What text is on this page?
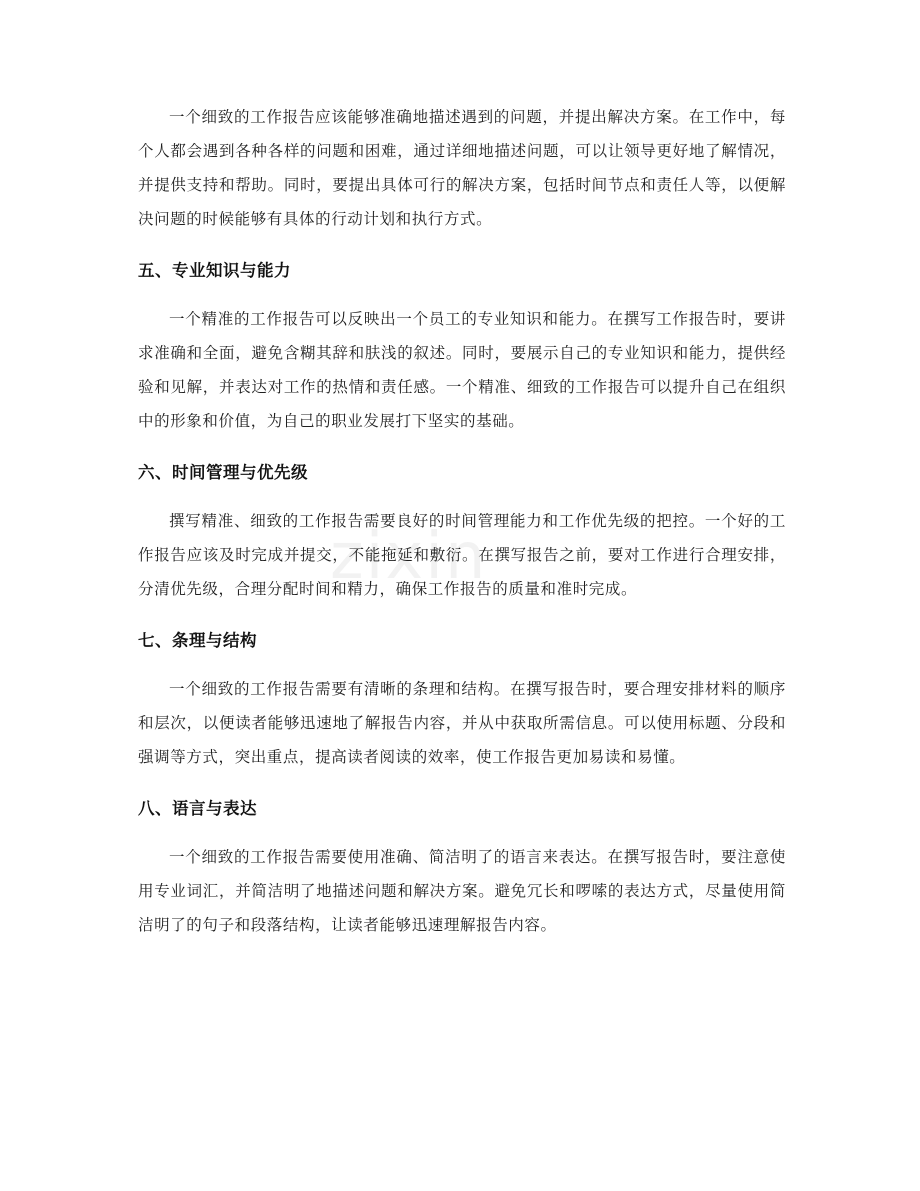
zixin

一个细致的工作报告应该能够准确地描述遇到的问题，并提出解决方案。在工作中，每个人都会遇到各种各样的问题和困难，通过详细地描述问题，可以让领导更好地了解情况，并提供支持和帮助。同时，要提出具体可行的解决方案，包括时间节点和责任人等，以便解决问题的时候能够有具体的行动计划和执行方式。

五、专业知识与能力

一个精准的工作报告可以反映出一个员工的专业知识和能力。在撰写工作报告时，要讲求准确和全面，避免含糊其辞和肤浅的叙述。同时，要展示自己的专业知识和能力，提供经验和见解，并表达对工作的热情和责任感。一个精准、细致的工作报告可以提升自己在组织中的形象和价值，为自己的职业发展打下坚实的基础。

六、时间管理与优先级

撰写精准、细致的工作报告需要良好的时间管理能力和工作优先级的把控。一个好的工作报告应该及时完成并提交，不能拖延和敷衍。在撰写报告之前，要对工作进行合理安排，分清优先级，合理分配时间和精力，确保工作报告的质量和准时完成。

七、条理与结构

一个细致的工作报告需要有清晰的条理和结构。在撰写报告时，要合理安排材料的顺序和层次，以便读者能够迅速地了解报告内容，并从中获取所需信息。可以使用标题、分段和强调等方式，突出重点，提高读者阅读的效率，使工作报告更加易读和易懂。

八、语言与表达

一个细致的工作报告需要使用准确、简洁明了的语言来表达。在撰写报告时，要注意使用专业词汇，并简洁明了地描述问题和解决方案。避免冗长和啰嗦的表达方式，尽量使用简洁明了的句子和段落结构，让读者能够迅速理解报告内容。
